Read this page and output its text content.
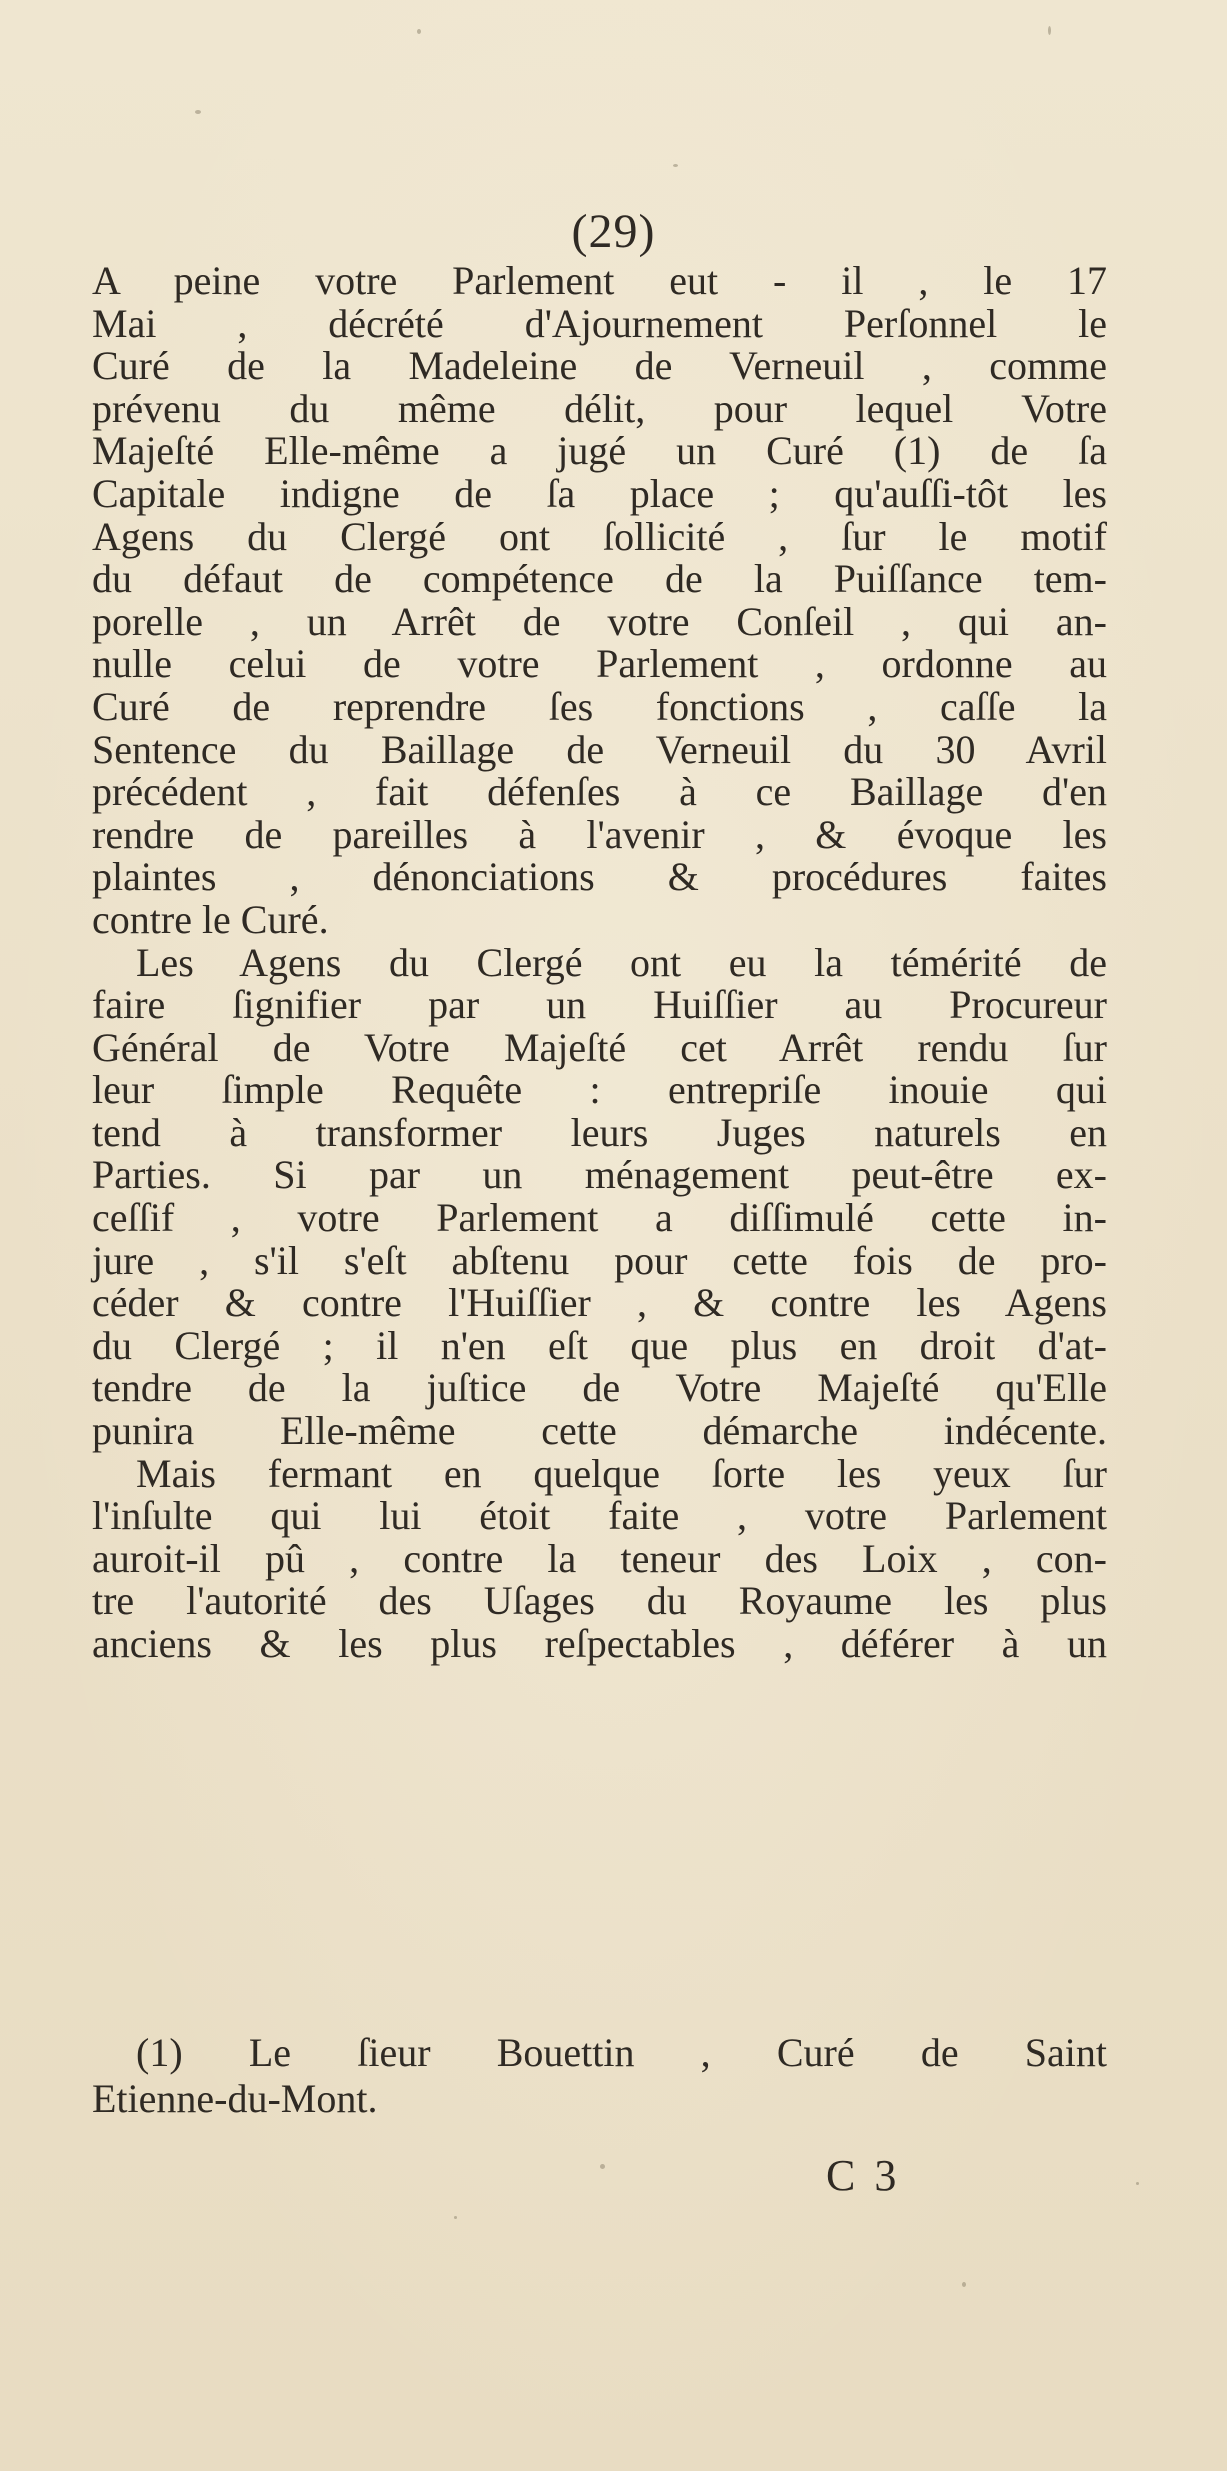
(29)
A peine votre Parlement eut - il , le 17
Mai , décrété d'Ajournement Perſonnel le
Curé de la Madeleine de Verneuil , comme
prévenu du même délit, pour lequel Votre
Majeſté Elle-même a jugé un Curé (1) de ſa
Capitale indigne de ſa place ; qu'auſſi-tôt les
Agens du Clergé ont ſollicité , ſur le motif
du défaut de compétence de la Puiſſance tem-
porelle , un Arrêt de votre Conſeil , qui an-
nulle celui de votre Parlement , ordonne au
Curé de reprendre ſes fonctions , caſſe la
Sentence du Baillage de Verneuil du 30 Avril
précédent , fait défenſes à ce Baillage d'en
rendre de pareilles à l'avenir , & évoque les
plaintes , dénonciations & procédures faites
contre le Curé.
Les Agens du Clergé ont eu la témérité de
faire ſignifier par un Huiſſier au Procureur
Général de Votre Majeſté cet Arrêt rendu ſur
leur ſimple Requête : entrepriſe inouie qui
tend à transformer leurs Juges naturels en
Parties. Si par un ménagement peut-être ex-
ceſſif , votre Parlement a diſſimulé cette in-
jure , s'il s'eſt abſtenu pour cette fois de pro-
céder & contre l'Huiſſier , & contre les Agens
du Clergé ; il n'en eſt que plus en droit d'at-
tendre de la juſtice de Votre Majeſté qu'Elle
punira Elle-même cette démarche indécente.
Mais fermant en quelque ſorte les yeux ſur
l'inſulte qui lui étoit faite , votre Parlement
auroit-il pû , contre la teneur des Loix , con-
tre l'autorité des Uſages du Royaume les plus
anciens & les plus reſpectables , déférer à un
(1) Le ſieur Bouettin , Curé de Saint
Etienne-du-Mont.
C 3
